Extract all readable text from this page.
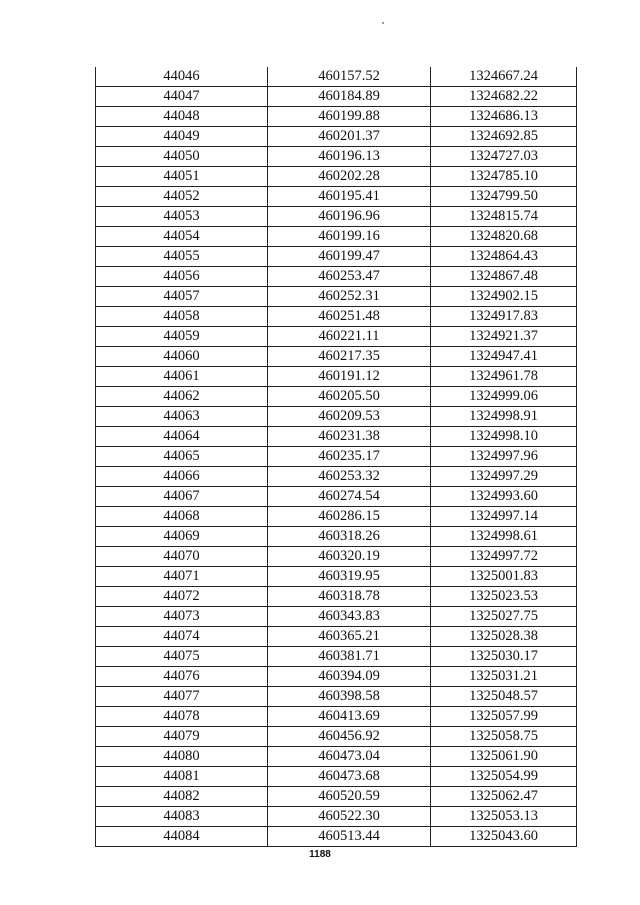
44046	460157.52	1324667.24
44047	460184.89	1324682.22
44048	460199.88	1324686.13
44049	460201.37	1324692.85
44050	460196.13	1324727.03
44051	460202.28	1324785.10
44052	460195.41	1324799.50
44053	460196.96	1324815.74
44054	460199.16	1324820.68
44055	460199.47	1324864.43
44056	460253.47	1324867.48
44057	460252.31	1324902.15
44058	460251.48	1324917.83
44059	460221.11	1324921.37
44060	460217.35	1324947.41
44061	460191.12	1324961.78
44062	460205.50	1324999.06
44063	460209.53	1324998.91
44064	460231.38	1324998.10
44065	460235.17	1324997.96
44066	460253.32	1324997.29
44067	460274.54	1324993.60
44068	460286.15	1324997.14
44069	460318.26	1324998.61
44070	460320.19	1324997.72
44071	460319.95	1325001.83
44072	460318.78	1325023.53
44073	460343.83	1325027.75
44074	460365.21	1325028.38
44075	460381.71	1325030.17
44076	460394.09	1325031.21
44077	460398.58	1325048.57
44078	460413.69	1325057.99
44079	460456.92	1325058.75
44080	460473.04	1325061.90
44081	460473.68	1325054.99
44082	460520.59	1325062.47
44083	460522.30	1325053.13
44084	460513.44	1325043.60
1188
